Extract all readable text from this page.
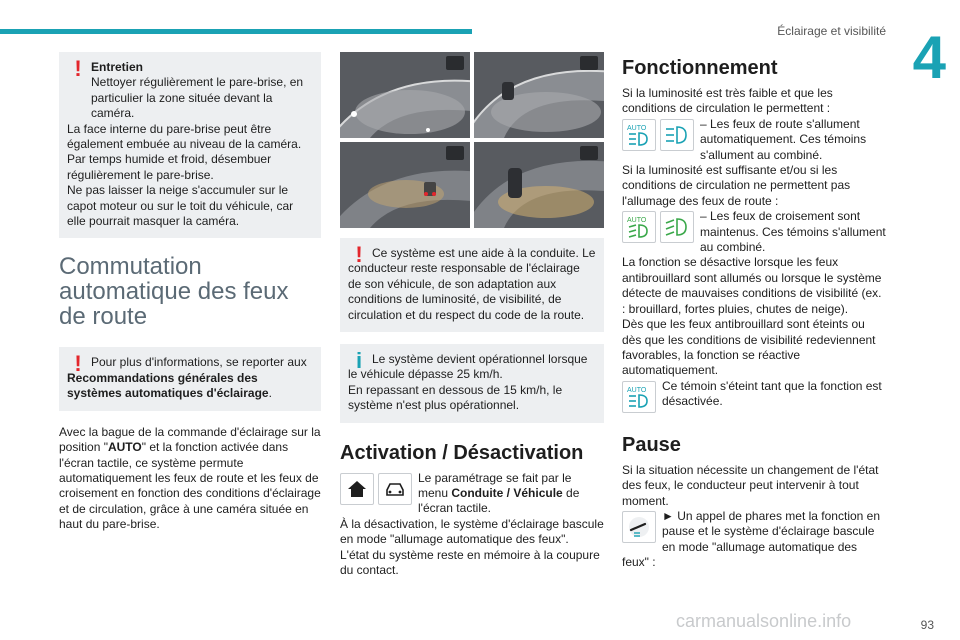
Éclairage et visibilité 4
! Entretien
Nettoyer régulièrement le pare-brise, en particulier la zone située devant la caméra.
La face interne du pare-brise peut être également embuée au niveau de la caméra. Par temps humide et froid, désembuer régulièrement le pare-brise.
Ne pas laisser la neige s'accumuler sur le capot moteur ou sur le toit du véhicule, car elle pourrait masquer la caméra.
Commutation automatique des feux de route
! Pour plus d'informations, se reporter aux Recommandations générales des systèmes automatiques d'éclairage.

Avec la bague de la commande d'éclairage sur la position "AUTO" et la fonction activée dans l'écran tactile, ce système permute automatiquement les feux de route et les feux de croisement en fonction des conditions d'éclairage et de circulation, grâce à une caméra située en haut du pare-brise.

! Ce système est une aide à la conduite. Le conducteur reste responsable de l'éclairage de son véhicule, de son adaptation aux conditions de luminosité, de visibilité, de circulation et du respect du code de la route.

i Le système devient opérationnel lorsque le véhicule dépasse 25 km/h.

En repassant en dessous de 15 km/h, le système n'est plus opérationnel.

Activation / Désactivation

Le paramétrage se fait par le menu Conduite / Véhicule de l'écran tactile.

À la désactivation, le système d'éclairage bascule en mode "allumage automatique des feux".

L'état du système reste en mémoire à la coupure du contact.

Fonctionnement

Si la luminosité est très faible et que les conditions de circulation le permettent :

AUTO	– Les feux de route s'allument automatiquement. Ces témoins s'allument au combiné.

Si la luminosité est suffisante et/ou si les conditions de circulation ne permettent pas l'allumage des feux de route :

AUTO	– Les feux de croisement sont maintenus. Ces témoins s'allument au combiné.

La fonction se désactive lorsque les feux antibrouillard sont allumés ou lorsque le système détecte de mauvaises conditions de visibilité (ex. : brouillard, fortes pluies, chutes de neige).

Dès que les feux antibrouillard sont éteints ou dès que les conditions de visibilité redeviennent favorables, la fonction se réactive automatiquement.

AUTO	Ce témoin s'éteint tant que la fonction est désactivée.

Pause

Si la situation nécessite un changement de l'état des feux, le conducteur peut intervenir à tout moment.

► Un appel de phares met la fonction en pause et le système d'éclairage bascule en mode "allumage automatique des feux" :

93
carmanualsonline.info
